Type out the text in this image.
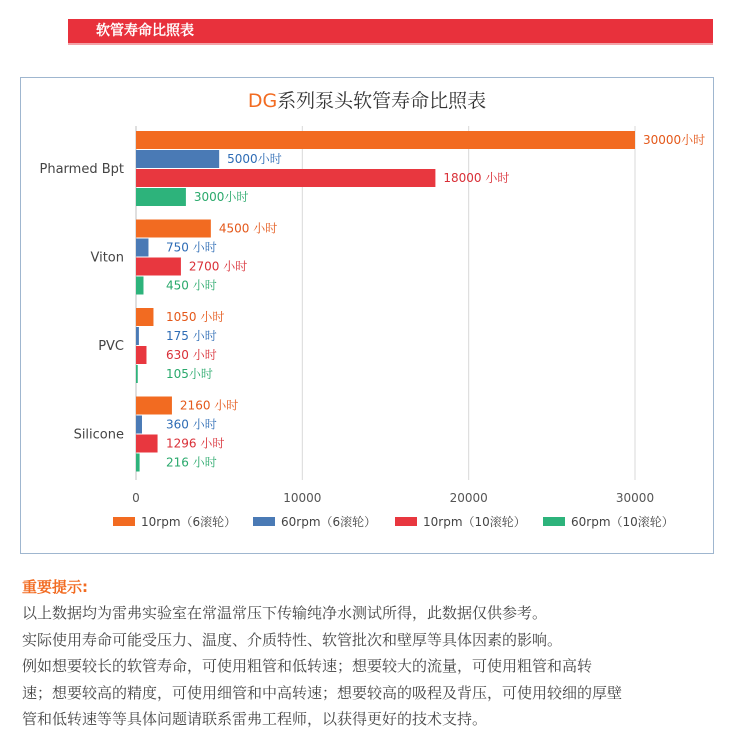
软管寿命比照表
DG系列泵头软管寿命比照表
0	10000	20000	30000
Pharmed Bpt
30000小时
5000小时
18000 小时
3000小时
Viton
4500 小时
750 小时
2700 小时
450 小时
PVC
1050 小时
175 小时
630 小时
105小时
Silicone
2160 小时
360 小时
1296 小时
216 小时
10rpm（6滚轮）	60rpm（6滚轮）	10rpm（10滚轮）	60rpm（10滚轮）
重要提示:

以上数据均为雷弗实验室在常温常压下传输纯净水测试所得，此数据仅供参考。

实际使用寿命可能受压力、温度、介质特性、软管批次和壁厚等具体因素的影响。

例如想要较长的软管寿命，可使用粗管和低转速；想要较大的流量，可使用粗管和高转

速；想要较高的精度，可使用细管和中高转速；想要较高的吸程及背压，可使用较细的厚壁

管和低转速等等具体问题请联系雷弗工程师，以获得更好的技术支持。
